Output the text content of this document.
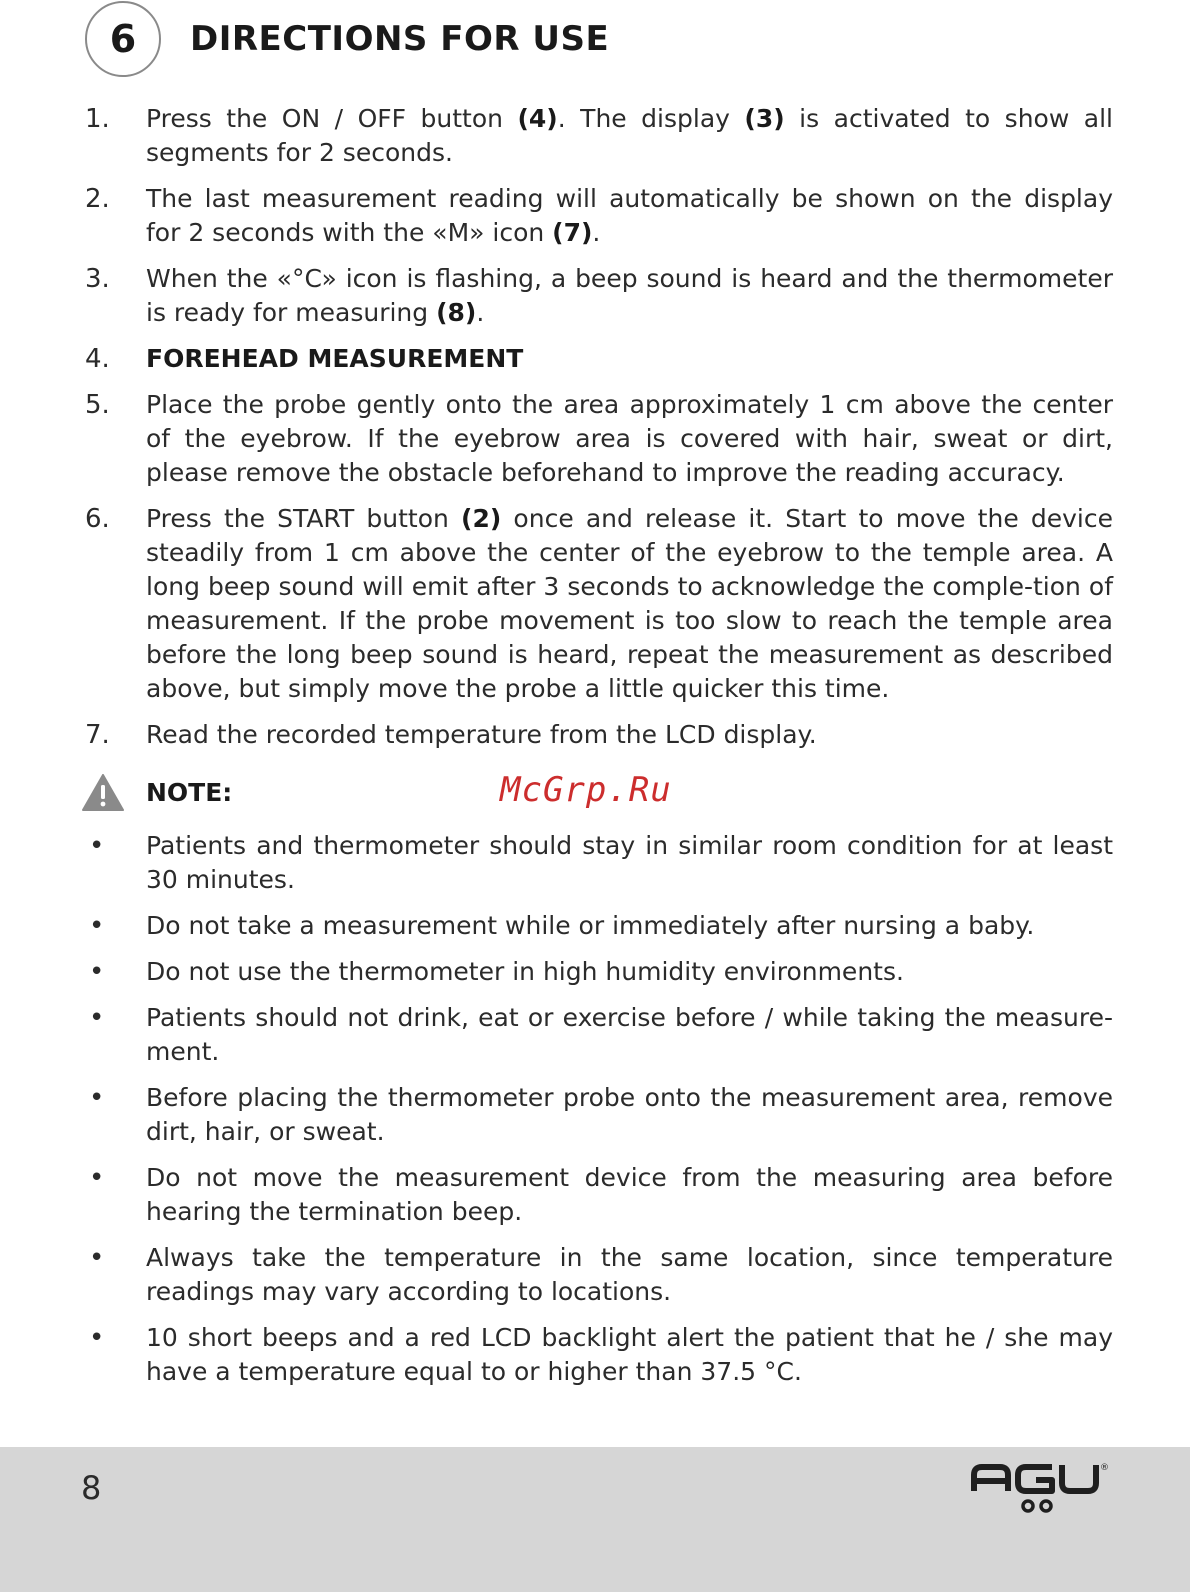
6	DIRECTIONS FOR USE
1. Press the ON / OFF button (4). The display (3) is activated to show all segments for 2 seconds.

2. The last measurement reading will automatically be shown on the display for 2 seconds with the «M» icon (7).

3. When the «°C» icon is flashing, a beep sound is heard and the thermometer is ready for measuring (8).

4. FOREHEAD MEASUREMENT
5. Place the probe gently onto the area approximately 1 cm above the center of the eyebrow. If the eyebrow area is covered with hair, sweat or dirt, please remove the obstacle beforehand to improve the reading accuracy.

6. Press the START button (2) once and release it. Start to move the device steadily from 1 cm above the center of the eyebrow to the temple area. A long beep sound will emit after 3 seconds to acknowledge the comple-tion of measurement. If the probe movement is too slow to reach the temple area before the long beep sound is heard, repeat the measurement as described above, but simply move the probe a little quicker this time.

7. Read the recorded temperature from the LCD display.

NOTE:	McGrp.Ru
• Patients and thermometer should stay in similar room condition for at least 30 minutes.

• Do not take a measurement while or immediately after nursing a baby.

• Do not use the thermometer in high humidity environments.

• Patients should not drink, eat or exercise before / while taking the measure-ment.

• Before placing the thermometer probe onto the measurement area, remove dirt, hair, or sweat.

• Do not move the measurement device from the measuring area before hearing the termination beep.

• Always take the temperature in the same location, since temperature readings may vary according to locations.

• 10 short beeps and a red LCD backlight alert the patient that he / she may have a temperature equal to or higher than 37.5 °C.

8
®
